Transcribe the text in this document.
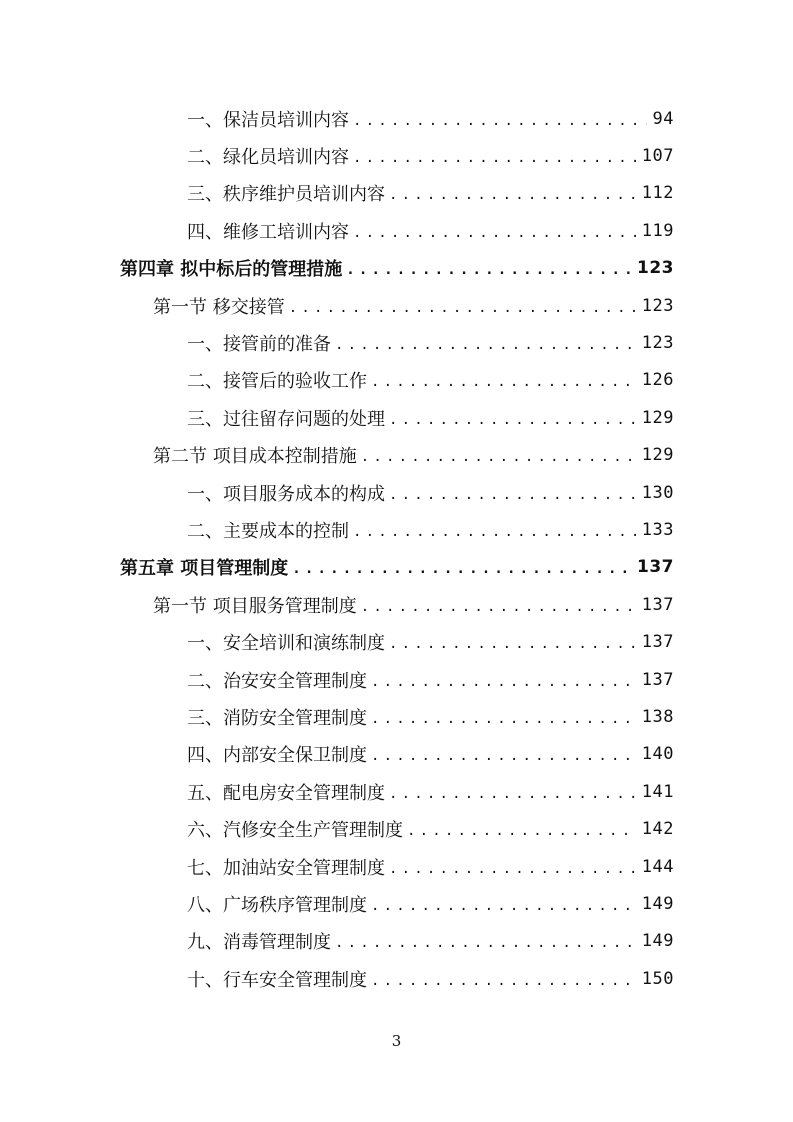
一、保洁员培训内容 .....	94
二、绿化员培训内容 .....	107
三、秩序维护员培训内容 .....	112
四、维修工培训内容 .....	119
第四章 拟中标后的管理措施 .....	123
第一节 移交接管 .....	123
一、接管前的准备 .....	123
二、接管后的验收工作 .....	126
三、过往留存问题的处理 .....	129
第二节 项目成本控制措施 .....	129
一、项目服务成本的构成 .....	130
二、主要成本的控制 .....	133
第五章 项目管理制度 .....	137
第一节 项目服务管理制度 .....	137
一、安全培训和演练制度 .....	137
二、治安安全管理制度 .....	137
三、消防安全管理制度 .....	138
四、内部安全保卫制度 .....	140
五、配电房安全管理制度 .....	141
六、汽修安全生产管理制度 .....	142
七、加油站安全管理制度 .....	144
八、广场秩序管理制度 .....	149
九、消毒管理制度 .....	149
十、行车安全管理制度 .....	150
3
